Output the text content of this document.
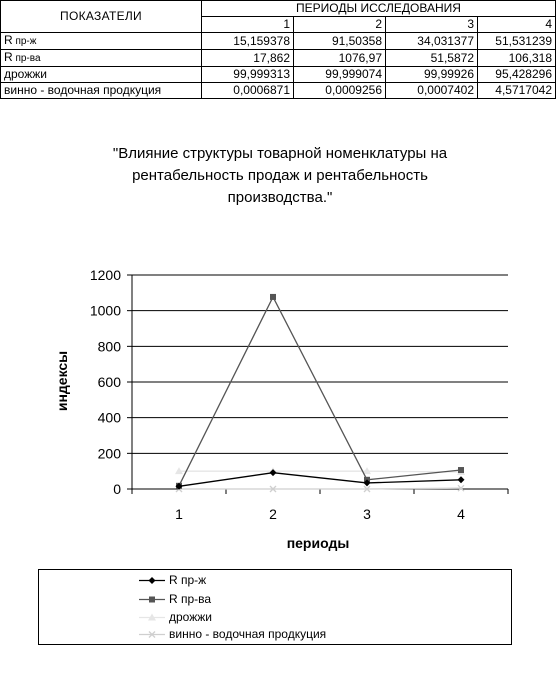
ПОКАЗАТЕЛИ	ПЕРИОДЫ ИССЛЕДОВАНИЯ			
	1	2	3	4
R пр-ж	15,159378	91,50358	34,031377	51,531239
R пр-ва	17,862	1076,97	51,5872	106,318
дрожжи	99,999313	99,999074	99,99926	95,428296
винно - водочная продкуция	0,0006871	0,0009256	0,0007402	4,5717042
"Влияние структуры товарной номенклатуры на
рентабельность продаж и рентабельность
производства."
0
200
400
600
800
1000
1200
1	2	3	4
индексы
периоды
R пр-ж
R пр-ва
дрожжи
винно - водочная продкуция
